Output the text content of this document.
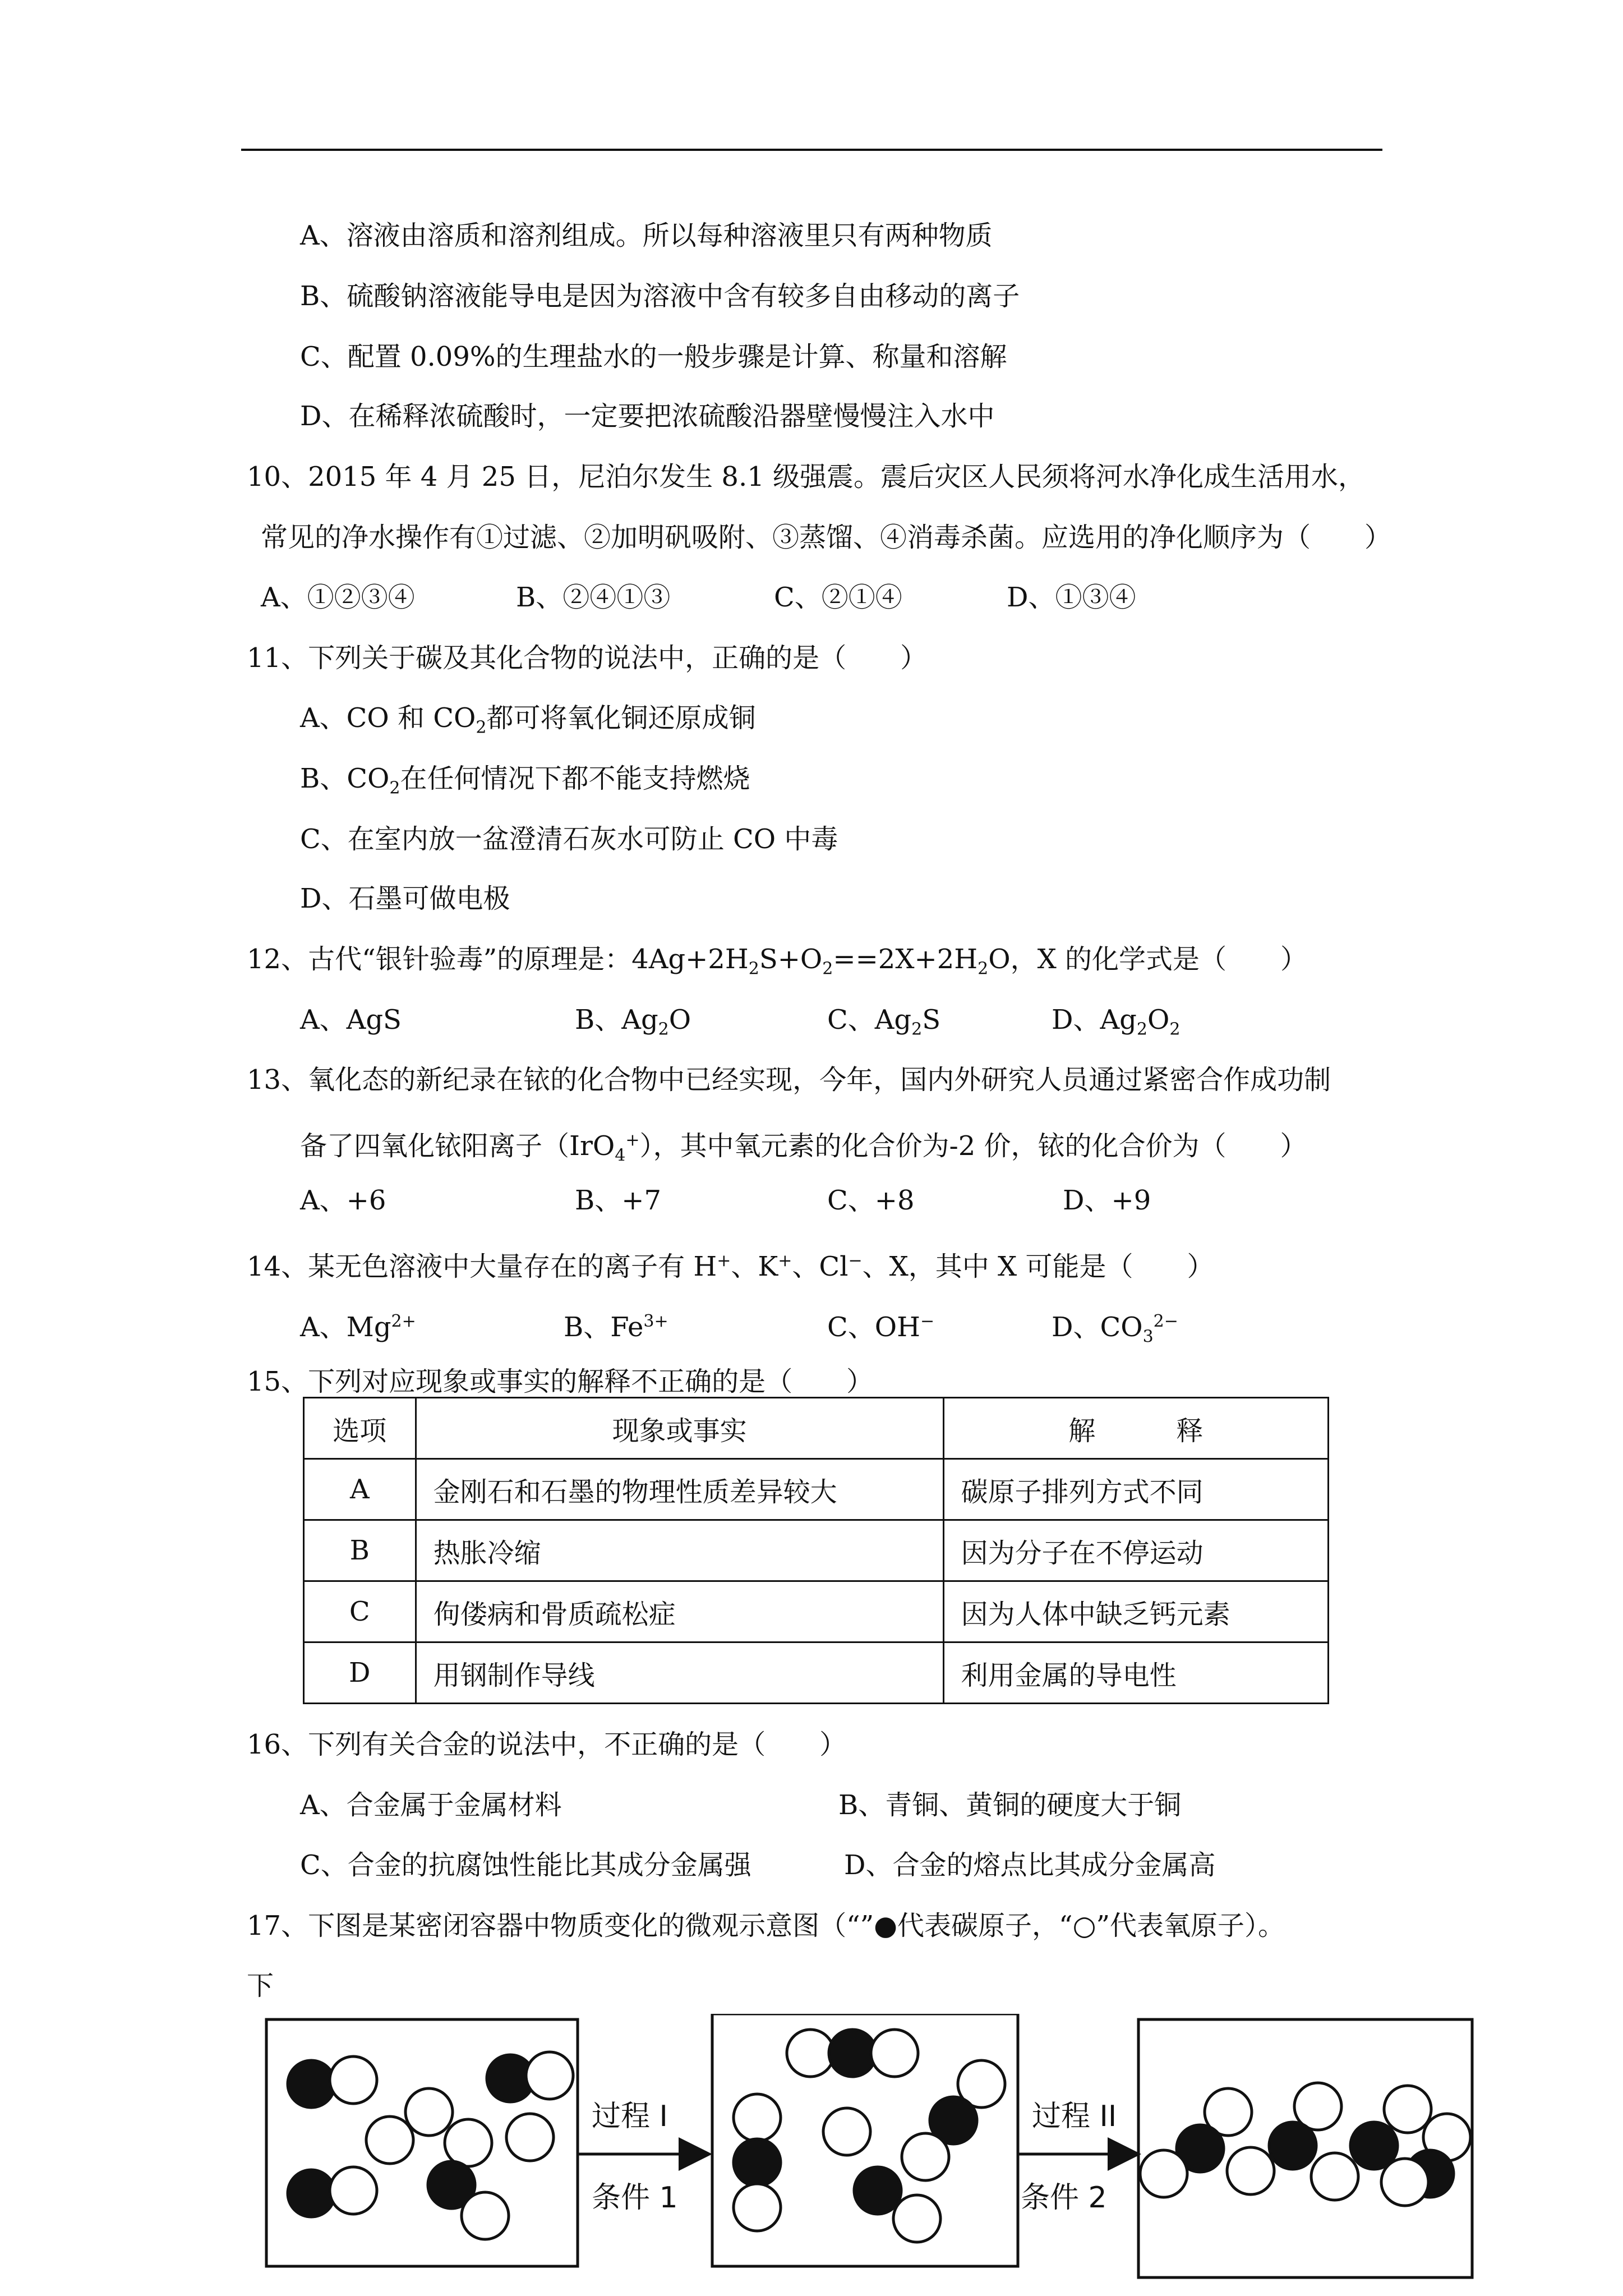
A、溶液由溶质和溶剂组成。所以每种溶液里只有两种物质
B、硫酸钠溶液能导电是因为溶液中含有较多自由移动的离子
C、配置 0.09%的生理盐水的一般步骤是计算、称量和溶解
D、在稀释浓硫酸时，一定要把浓硫酸沿器壁慢慢注入水中
10、2015 年 4 月 25 日，尼泊尔发生 8.1 级强震。震后灾区人民须将河水净化成生活用水，
常见的净水操作有①过滤、②加明矾吸附、③蒸馏、④消毒杀菌。应选用的净化顺序为（　　）
A、①②③④	B、②④①③	C、②①④	D、①③④
11、下列关于碳及其化合物的说法中，正确的是（　　）
A、CO 和 $CO_2$都可将氧化铜还原成铜
B、$CO_2$在任何情况下都不能支持燃烧
C、在室内放一盆澄清石灰水可防止 CO 中毒
D、石墨可做电极
12、古代“银针验毒”的原理是：$4Ag+2H_2S+O_2==2X+2H_2O$，X 的化学式是（　　）
A、AgS	B、$Ag_2O$	C、$Ag_2S$	D、$Ag_2O_2$
13、氧化态的新纪录在铱的化合物中已经实现，今年，国内外研究人员通过紧密合作成功制
备了四氧化铱阳离子（IrO$_4$+），其中氧元素的化合价为-2 价，铱的化合价为（　　）
A、+6	B、+7	C、+8	D、+9
14、某无色溶液中大量存在的离子有 H+、K+、Cl−、X，其中 X 可能是（　　）
A、$Mg^{2+}$	B、$Fe^{3+}$	C、OH−	D、$CO_3^{2-}$
15、下列对应现象或事实的解释不正确的是（　　）
选项	现象或事实	解　　　释
A	金刚石和石墨的物理性质差异较大	碳原子排列方式不同
B	热胀冷缩	因为分子在不停运动
C	佝偻病和骨质疏松症	因为人体中缺乏钙元素
D	用钢制作导线	利用金属的导电性
16、下列有关合金的说法中，不正确的是（　　）
A、合金属于金属材料	B、青铜、黄铜的硬度大于铜
C、合金的抗腐蚀性能比其成分金属强	D、合金的熔点比其成分金属高
17、下图是某密闭容器中物质变化的微观示意图（“”●代表碳原子，“○”代表氧原子）。
下
过程 I
条件 1
过程 II
条件 2
